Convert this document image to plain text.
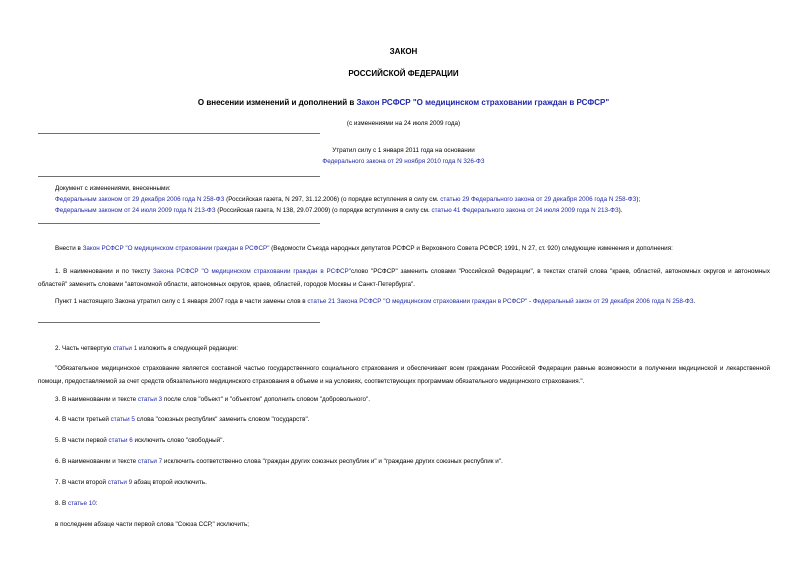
ЗАКОН
РОССИЙСКОЙ ФЕДЕРАЦИИ
О внесении изменений и дополнений в Закон РСФСР "О медицинском страховании граждан в РСФСР"
(с изменениями на 24 июля 2009 года)
Утратил силу с 1 января 2011 года на основании
Федерального закона от 29 ноября 2010 года N 326-ФЗ
Документ с изменениями, внесенными:
Федеральным законом от 29 декабря 2006 года N 258-ФЗ (Российская газета, N 297, 31.12.2006) (о порядке вступления в силу см. статью 29 Федерального закона от 29 декабря 2006 года N 258-ФЗ);
Федеральным законом от 24 июля 2009 года N 213-ФЗ (Российская газета, N 138, 29.07.2009) (о порядке вступления в силу см. статью 41 Федерального закона от 24 июля 2009 года N 213-ФЗ).
Внести в Закон РСФСР "О медицинском страховании граждан в РСФСР" (Ведомости Съезда народных депутатов РСФСР и Верховного Совета РСФСР, 1991, N 27, ст. 920) следующие изменения и дополнения:
1. В наименовании и по тексту Закона РСФСР "О медицинском страховании граждан в РСФСР"слово "РСФСР" заменить словами "Российской Федерации", в текстах статей слова "краев, областей, автономных округов и автономных областей" заменить словами "автономной области, автономных округов, краев, областей, городов Москвы и Санкт-Петербурга".
Пункт 1 настоящего Закона утратил силу с 1 января 2007 года в части замены слов в статье 21 Закона РСФСР "О медицинском страховании граждан в РСФСР" - Федеральный закон от 29 декабря 2006 года N 258-ФЗ.
2. Часть четвертую статьи 1 изложить в следующей редакции:
"Обязательное медицинское страхование является составной частью государственного социального страхования и обеспечивает всем гражданам Российской Федерации равные возможности в получении медицинской и лекарственной помощи, предоставляемой за счет средств обязательного медицинского страхования в объеме и на условиях, соответствующих программам обязательного медицинского страхования.".
3. В наименовании и тексте статьи 3 после слов "объект" и "объектом" дополнить словом "добровольного".
4. В части третьей статьи 5 слова "союзных республик" заменить словом "государств".
5. В части первой статьи 6 исключить слово "свободный".
6. В наименовании и тексте статьи 7 исключить соответственно слова "граждан других союзных республик и" и "граждане других союзных республик и".
7. В части второй статьи 9 абзац второй исключить.
8. В статье 10:
в последнем абзаце части первой слова "Союза ССР," исключить;
